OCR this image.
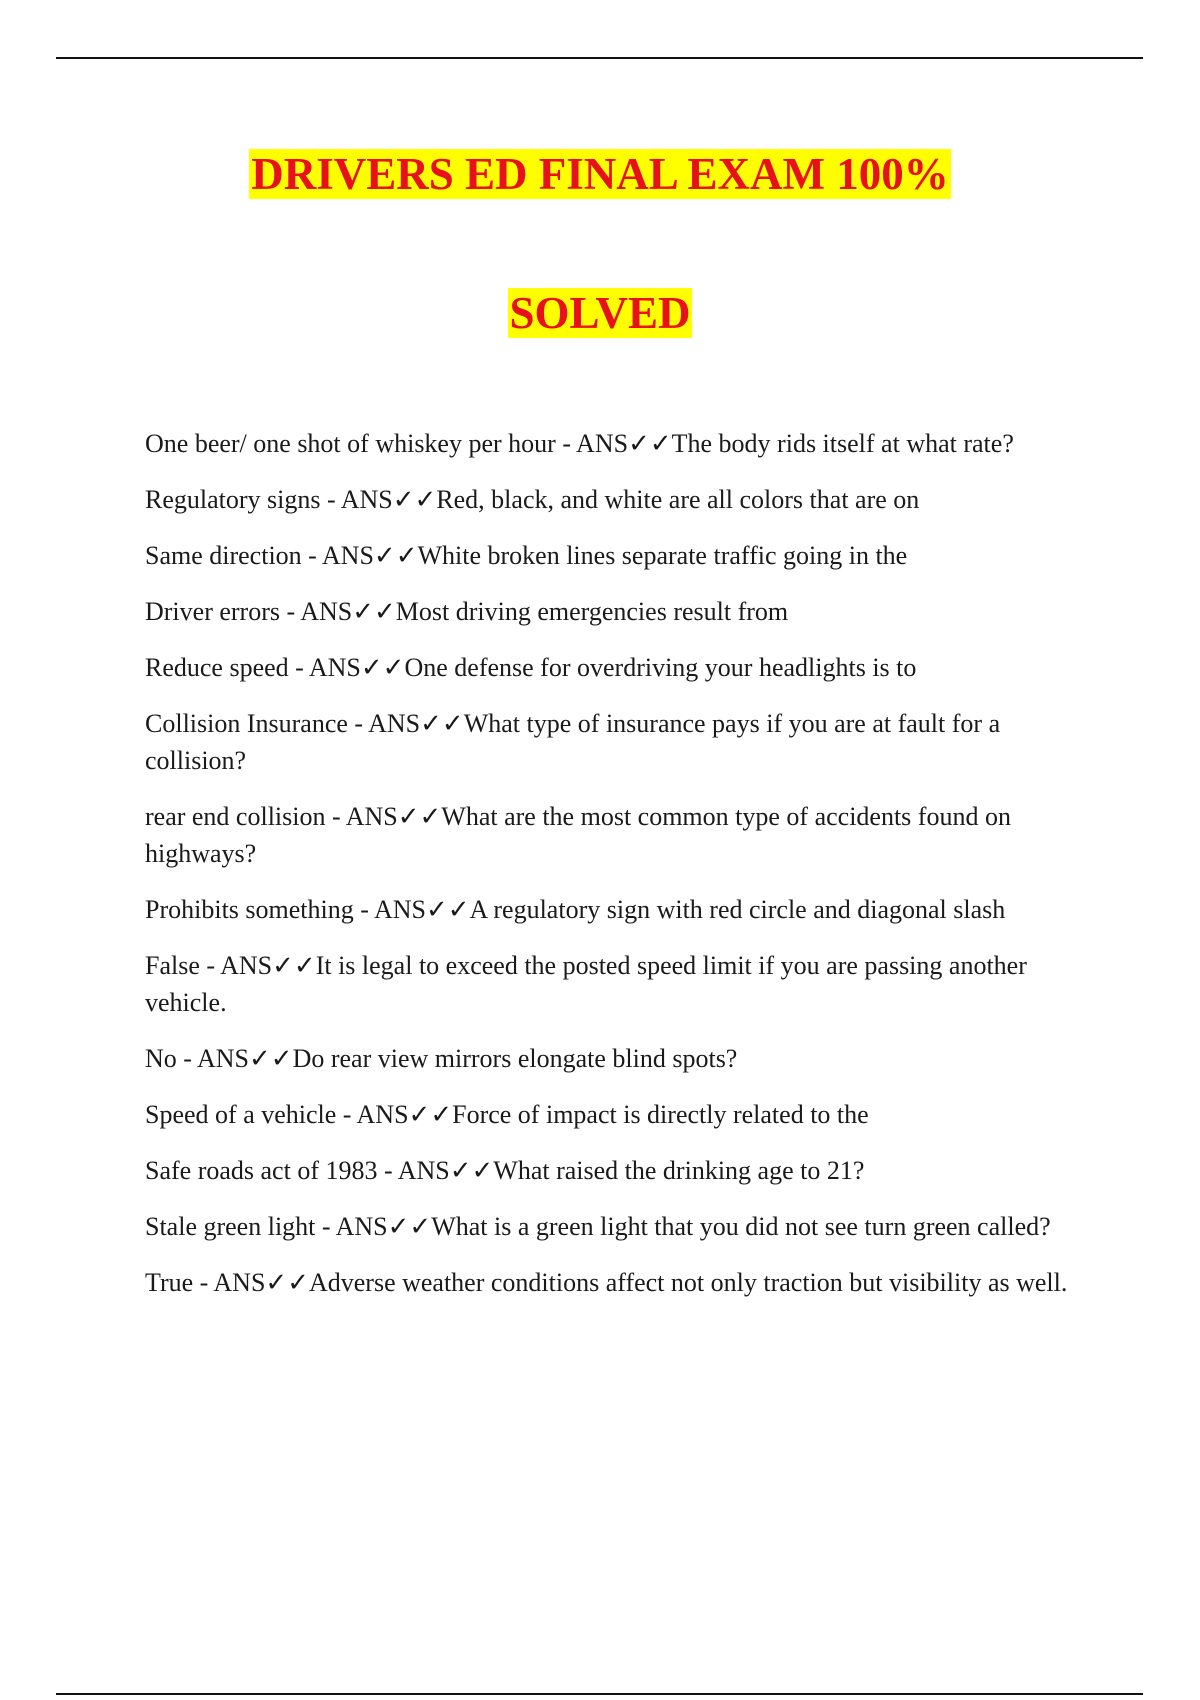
DRIVERS ED FINAL EXAM 100%
SOLVED
One beer/ one shot of whiskey per hour - ANS✓✓The body rids itself at what rate?
Regulatory signs - ANS✓✓Red, black, and white are all colors that are on
Same direction - ANS✓✓White broken lines separate traffic going in the
Driver errors - ANS✓✓Most driving emergencies result from
Reduce speed - ANS✓✓One defense for overdriving your headlights is to
Collision Insurance - ANS✓✓What type of insurance pays if you are at fault for a collision?
rear end collision - ANS✓✓What are the most common type of accidents found on highways?
Prohibits something - ANS✓✓A regulatory sign with red circle and diagonal slash
False - ANS✓✓It is legal to exceed the posted speed limit if you are passing another vehicle.
No - ANS✓✓Do rear view mirrors elongate blind spots?
Speed of a vehicle - ANS✓✓Force of impact is directly related to the
Safe roads act of 1983 - ANS✓✓What raised the drinking age to 21?
Stale green light - ANS✓✓What is a green light that you did not see turn green called?
True - ANS✓✓Adverse weather conditions affect not only traction but visibility as well.
